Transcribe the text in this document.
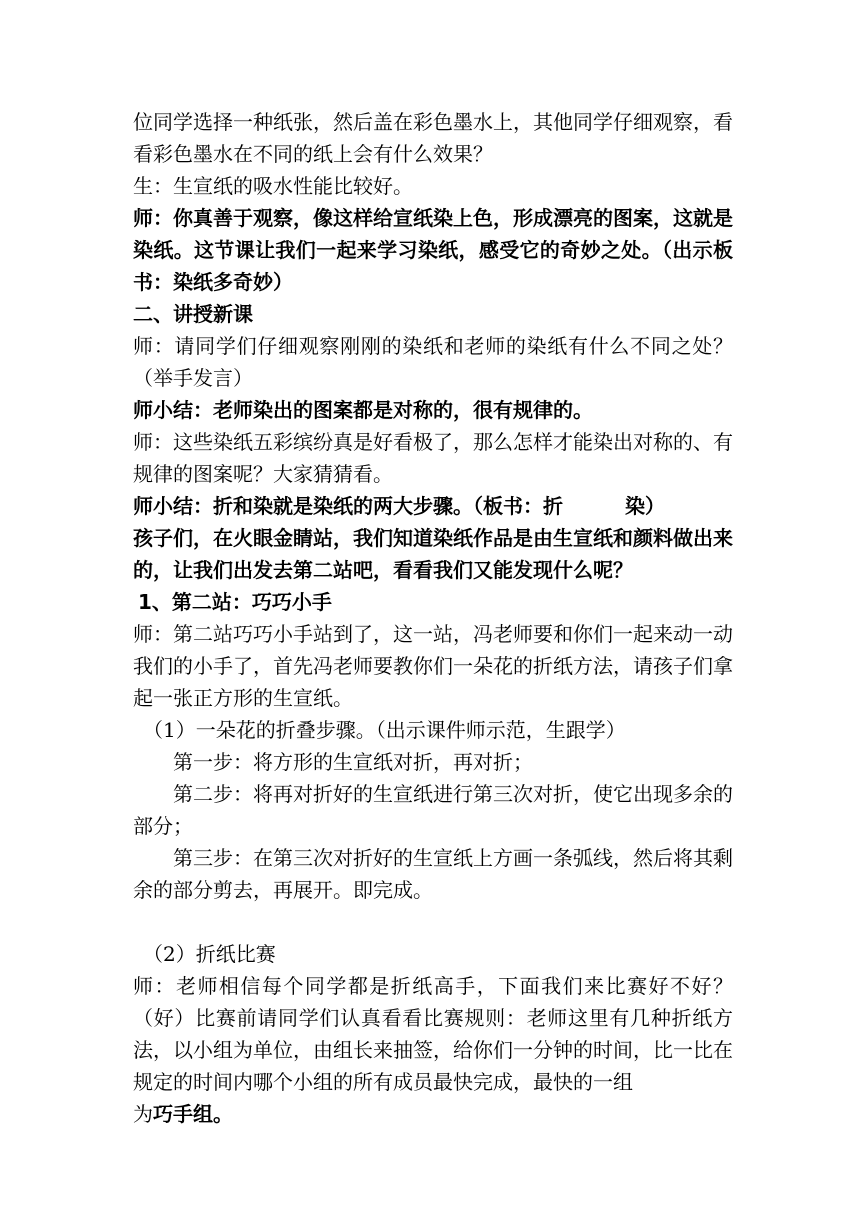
位同学选择一种纸张，然后盖在彩色墨水上，其他同学仔细观察，看看彩色墨水在不同的纸上会有什么效果？

生：生宣纸的吸水性能比较好。

师：你真善于观察，像这样给宣纸染上色，形成漂亮的图案，这就是染纸。这节课让我们一起来学习染纸，感受它的奇妙之处。（出示板书：染纸多奇妙）

二、讲授新课

师：请同学们仔细观察刚刚的染纸和老师的染纸有什么不同之处？（举手发言）

师小结：老师染出的图案都是对称的，很有规律的。

师：这些染纸五彩缤纷真是好看极了，那么怎样才能染出对称的、有规律的图案呢？大家猜猜看。

师小结：折和染就是染纸的两大步骤。（板书：折	染）

孩子们，在火眼金睛站，我们知道染纸作品是由生宣纸和颜料做出来的，让我们出发去第二站吧，看看我们又能发现什么呢？

1、第二站：巧巧小手

师：第二站巧巧小手站到了，这一站，冯老师要和你们一起来动一动我们的小手了，首先冯老师要教你们一朵花的折纸方法，请孩子们拿起一张正方形的生宣纸。

（1）一朵花的折叠步骤。（出示课件师示范，生跟学）

第一步：将方形的生宣纸对折，再对折；

第二步：将再对折好的生宣纸进行第三次对折，使它出现多余的部分；

第三步：在第三次对折好的生宣纸上方画一条弧线，然后将其剩余的部分剪去，再展开。即完成。

（2）折纸比赛

师：老师相信每个同学都是折纸高手，下面我们来比赛好不好？（好）比赛前请同学们认真看看比赛规则：老师这里有几种折纸方法，以小组为单位，由组长来抽签，给你们一分钟的时间，比一比在规定的时间内哪个小组的所有成员最快完成，最快的一组

为巧手组。
